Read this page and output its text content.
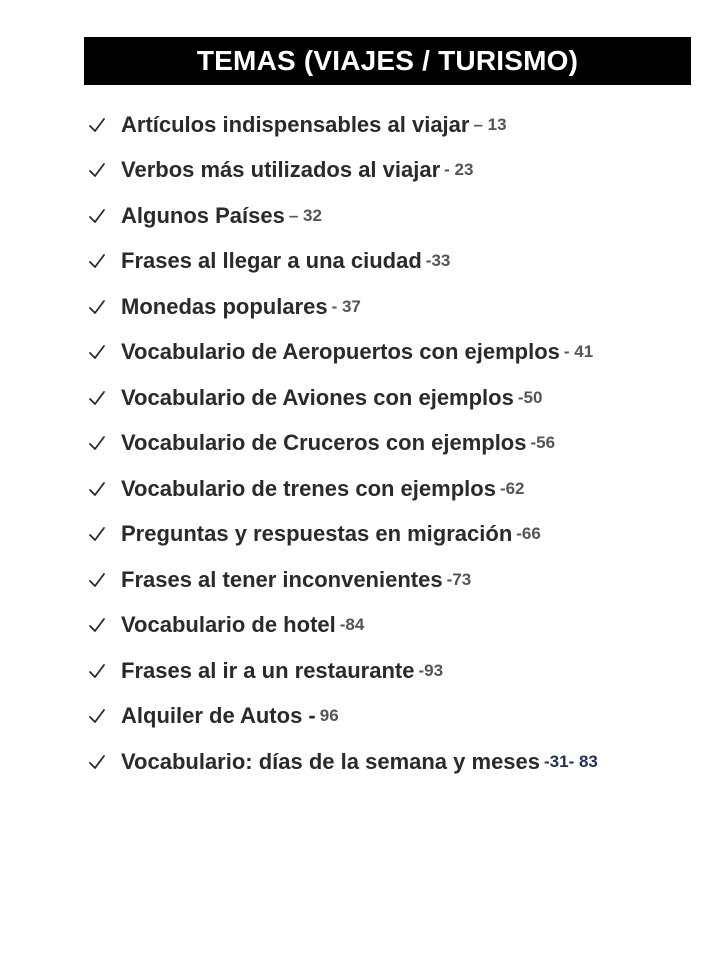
TEMAS (VIAJES / TURISMO)
Artículos indispensables al viajar – 13
Verbos más utilizados al viajar - 23
Algunos Países – 32
Frases al llegar a una ciudad -33
Monedas populares - 37
Vocabulario de Aeropuertos con ejemplos - 41
Vocabulario de Aviones con ejemplos -50
Vocabulario de Cruceros con ejemplos -56
Vocabulario de trenes con ejemplos -62
Preguntas y respuestas en migración -66
Frases al tener inconvenientes -73
Vocabulario de hotel -84
Frases al ir a un restaurante -93
Alquiler de Autos - 96
Vocabulario: días de la semana y meses -31- 83
